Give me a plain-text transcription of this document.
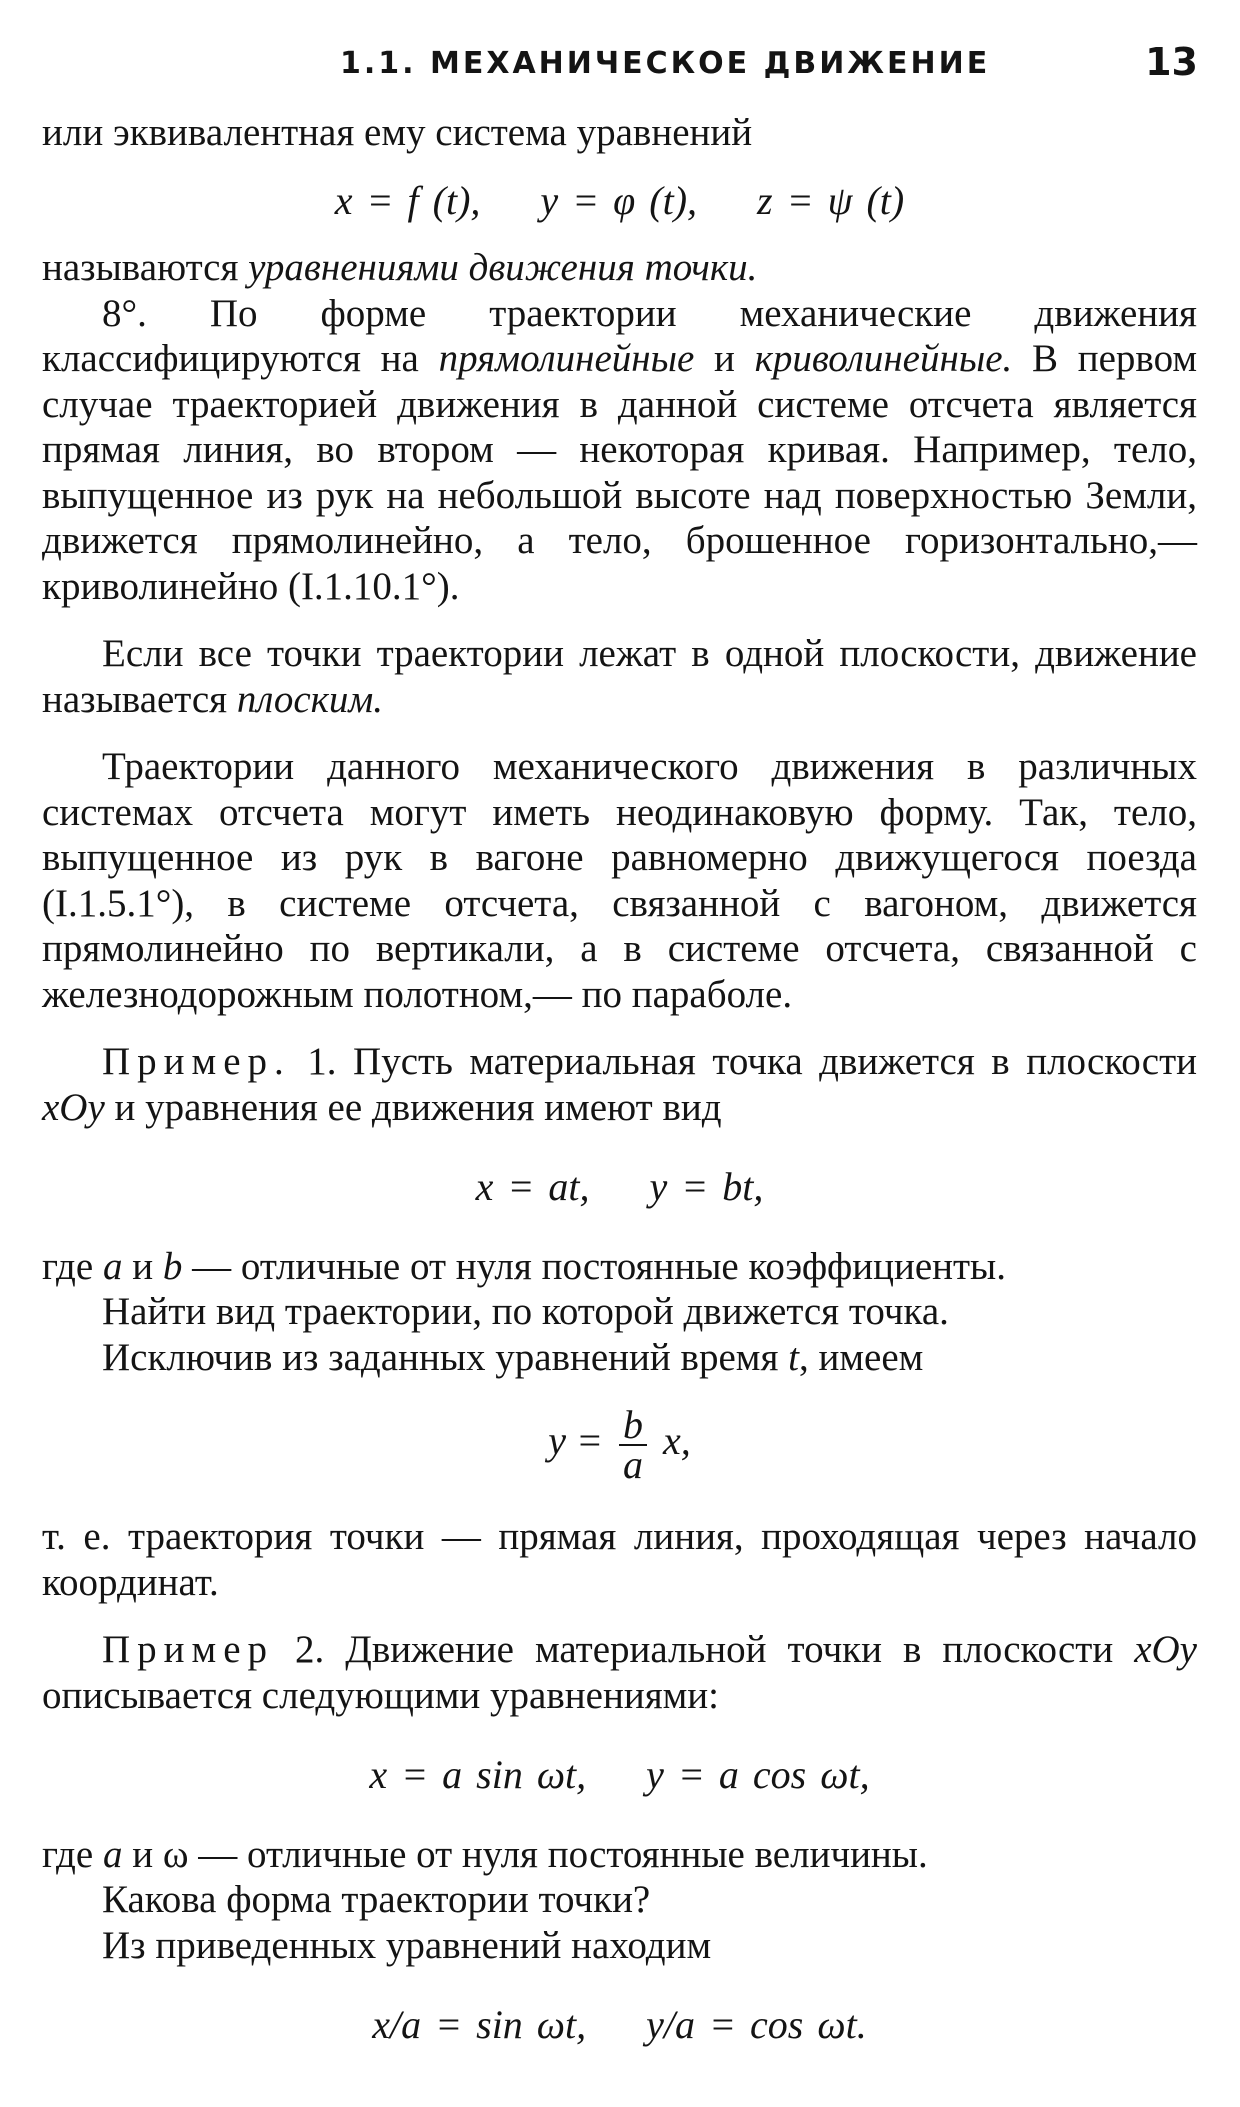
1.1. МЕХАНИЧЕСКОЕ ДВИЖЕНИЕ	13

или эквивалентная ему система уравнений

x = f (t), y = φ (t), z = ψ (t)

называются уравнениями движения точки.

8°. По форме траектории механические движения классифицируются на прямолинейные и криволинейные. В первом случае траекторией движения в данной системе отсчета является прямая линия, во втором — некоторая кривая. Например, тело, выпущенное из рук на небольшой высоте над поверхностью Земли, движется прямолинейно, а тело, брошенное горизонтально,— криволинейно (I.1.10.1°).

Если все точки траектории лежат в одной плоскости, движение называется плоским.

Траектории данного механического движения в различных системах отсчета могут иметь неодинаковую форму. Так, тело, выпущенное из рук в вагоне равномерно движущегося поезда (I.1.5.1°), в системе отсчета, связанной с вагоном, движется прямолинейно по вертикали, а в системе отсчета, связанной с железнодорожным полотном,— по параболе.

Пример. 1. Пусть материальная точка движется в плоскости xOy и уравнения ее движения имеют вид

x = at, y = bt,

где a и b — отличные от нуля постоянные коэффициенты.

Найти вид траектории, по которой движется точка.

Исключив из заданных уравнений время t, имеем

$y = \frac{b}{a} x$,

т. е. траектория точки — прямая линия, проходящая через начало координат.

Пример 2. Движение материальной точки в плоскости xOy описывается следующими уравнениями:

x = a sin ωt, y = a cos ωt,

где a и ω — отличные от нуля постоянные величины.

Какова форма траектории точки?

Из приведенных уравнений находим

x/a = sin ωt, y/a = cos ωt.
